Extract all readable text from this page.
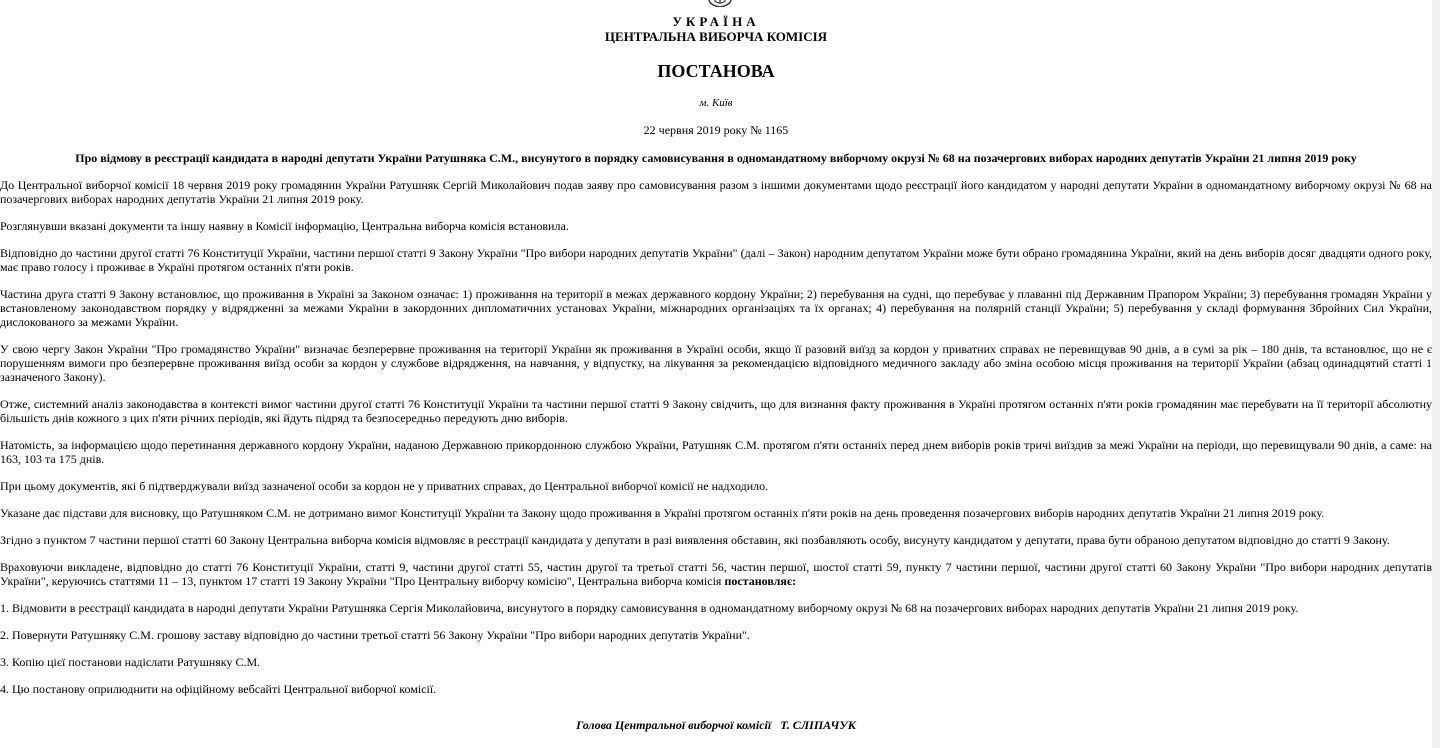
УКРАЇНА
ЦЕНТРАЛЬНА ВИБОРЧА КОМІСІЯ
ПОСТАНОВА
м. Київ
22 червня 2019 року № 1165
Про відмову в реєстрації кандидата в народні депутати України Ратушняка С.М., висунутого в порядку самовисування в одномандатному виборчому окрузі № 68 на позачергових виборах народних депутатів України 21 липня 2019 року

До Центральної виборчої комісії 18 червня 2019 року громадянин України Ратушняк Сергій Миколайович подав заяву про самовисування разом з іншими документами щодо реєстрації його кандидатом у народні депутати України в одномандатному виборчому окрузі № 68 на позачергових виборах народних депутатів України 21 липня 2019 року.

Розглянувши вказані документи та іншу наявну в Комісії інформацію, Центральна виборча комісія встановила.

Відповідно до частини другої статті 76 Конституції України, частини першої статті 9 Закону України "Про вибори народних депутатів України" (далі – Закон) народним депутатом України може бути обрано громадянина України, який на день виборів досяг двадцяти одного року, має право голосу і проживає в Україні протягом останніх п'яти років.

Частина друга статті 9 Закону встановлює, що проживання в Україні за Законом означає: 1) проживання на території в межах державного кордону України; 2) перебування на судні, що перебуває у плаванні під Державним Прапором України; 3) перебування громадян України у встановленому законодавством порядку у відрядженні за межами України в закордонних дипломатичних установах України, міжнародних організаціях та їх органах; 4) перебування на полярній станції України; 5) перебування у складі формування Збройних Сил України, дислокованого за межами України.

У свою чергу Закон України "Про громадянство України" визначає безперервне проживання на території України як проживання в Україні особи, якщо її разовий виїзд за кордон у приватних справах не перевищував 90 днів, а в сумі за рік – 180 днів, та встановлює, що не є порушенням вимоги про безперервне проживання виїзд особи за кордон у службове відрядження, на навчання, у відпустку, на лікування за рекомендацією відповідного медичного закладу або зміна особою місця проживання на території України (абзац одинадцятий статті 1 зазначеного Закону).

Отже, системний аналіз законодавства в контексті вимог частини другої статті 76 Конституції України та частини першої статті 9 Закону свідчить, що для визнання факту проживання в Україні протягом останніх п'яти років громадянин має перебувати на її території абсолютну більшість днів кожного з цих п'яти річних періодів, які йдуть підряд та безпосередньо передують дню виборів.

Натомість, за інформацією щодо перетинання державного кордону України, наданою Державною прикордонною службою України, Ратушняк С.М. протягом п'яти останніх перед днем виборів років тричі виїздив за межі України на періоди, що перевищували 90 днів, а саме: на 163, 103 та 175 днів.

При цьому документів, які б підтверджували виїзд зазначеної особи за кордон не у приватних справах, до Центральної виборчої комісії не надходило.

Указане дає підстави для висновку, що Ратушняком С.М. не дотримано вимог Конституції України та Закону щодо проживання в Україні протягом останніх п'яти років на день проведення позачергових виборів народних депутатів України 21 липня 2019 року.

Згідно з пунктом 7 частини першої статті 60 Закону Центральна виборча комісія відмовляє в реєстрації кандидата у депутати в разі виявлення обставин, які позбавляють особу, висунуту кандидатом у депутати, права бути обраною депутатом відповідно до статті 9 Закону.

Враховуючи викладене, відповідно до статті 76 Конституції України, статті 9, частини другої статті 55, частин другої та третьої статті 56, частин першої, шостої статті 59, пункту 7 частини першої, частини другої статті 60 Закону України "Про вибори народних депутатів України", керуючись статтями 11 – 13, пунктом 17 статті 19 Закону України "Про Центральну виборчу комісію", Центральна виборча комісія постановляє:

1. Відмовити в реєстрації кандидата в народні депутати України Ратушняка Сергія Миколайовича, висунутого в порядку самовисування в одномандатному виборчому окрузі № 68 на позачергових виборах народних депутатів України 21 липня 2019 року.

2. Повернути Ратушняку С.М. грошову заставу відповідно до частини третьої статті 56 Закону України "Про вибори народних депутатів України".

3. Копію цієї постанови надіслати Ратушняку С.М.

4. Цю постанову оприлюднити на офіційному вебсайті Центральної виборчої комісії.

Голова Центральної виборчої комісії   Т. СЛІПАЧУК
